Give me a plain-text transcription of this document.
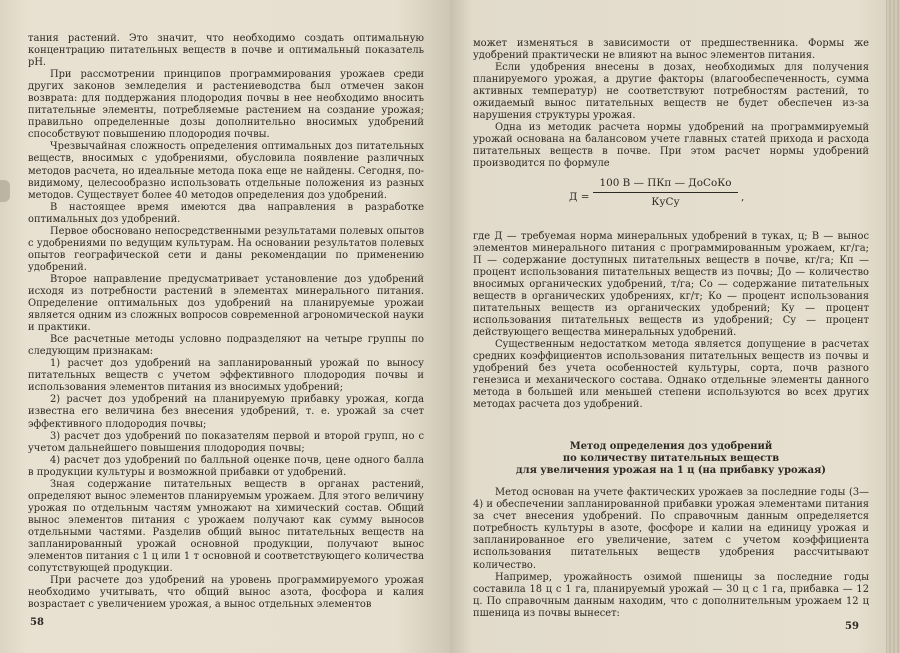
тания растений. Это значит, что необходимо создать оптимальную концентрацию питательных веществ в почве и оптимальный показатель pH.

При рассмотрении принципов программирования урожаев среди других законов земледелия и растениеводства был отмечен закон возврата: для поддержания плодородия почвы в нее необходимо вносить питательные элементы, потребляемые растением на создание урожая; правильно определенные дозы дополнительно вносимых удобрений способствуют повышению плодородия почвы.

Чрезвычайная сложность определения оптимальных доз питательных веществ, вносимых с удобрениями, обусловила появление различных методов расчета, но идеальные метода пока еще не найдены. Сегодня, по-видимому, целесообразно использовать отдельные положения из разных методов. Существует более 40 методов определения доз удобрений.

В настоящее время имеются два направления в разработке оптимальных доз удобрений.

Первое обосновано непосредственными результатами полевых опытов с удобрениями по ведущим культурам. На основании результатов полевых опытов географической сети и даны рекомендации по применению удобрений.

Второе направление предусматривает установление доз удобрений исходя из потребности растений в элементах минерального питания. Определение оптимальных доз удобрений на планируемые урожаи является одним из сложных вопросов современной агрономической науки и практики.

Все расчетные методы условно подразделяют на четыре группы по следующим признакам:

1) расчет доз удобрений на запланированный урожай по выносу питательных веществ с учетом эффективного плодородия почвы и использования элементов питания из вносимых удобрений;

2) расчет доз удобрений на планируемую прибавку урожая, когда известна его величина без внесения удобрений, т. е. урожай за счет эффективного плодородия почвы;

3) расчет доз удобрений по показателям первой и второй групп, но с учетом дальнейшего повышения плодородия почвы;

4) расчет доз удобрений по балльной оценке почв, цене одного балла в продукции культуры и возможной прибавки от удобрений.

Зная содержание питательных веществ в органах растений, определяют вынос элементов планируемым урожаем. Для этого величину урожая по отдельным частям умножают на химический состав. Общий вынос элементов питания с урожаем получают как сумму выносов отдельными частями. Разделив общий вынос питательных веществ на запланированный урожай основной продукции, получают вынос элементов питания с 1 ц или 1 т основной и соответствующего количества сопутствующей продукции.

При расчете доз удобрений на уровень программируемого урожая необходимо учитывать, что общий вынос азота, фосфора и калия возрастает с увеличением урожая, а вынос отдельных элементов

58

может изменяться в зависимости от предшественника. Формы же удобрений практически не влияют на вынос элементов питания.

Если удобрения внесены в дозах, необходимых для получения планируемого урожая, а другие факторы (влагообеспеченность, сумма активных температур) не соответствуют потребностям растений, то ожидаемый вынос питательных веществ не будет обеспечен из-за нарушения структуры урожая.

Одна из методик расчета нормы удобрений на программируемый урожай основана на балансовом учете главных статей прихода и расхода питательных веществ в почве. При этом расчет нормы удобрений производится по формуле

Д =
100 В — ПКп — ДоСоКо
КуСу	,

где Д — требуемая норма минеральных удобрений в туках, ц; В — вынос элементов минерального питания с программированным урожаем, кг/га; П — содержание доступных питательных веществ в почве, кг/га; Кп — процент использования питательных веществ из почвы; До — количество вносимых органических удобрений, т/га; Со — содержание питательных веществ в органических удобрениях, кг/т; Ко — процент использования питательных веществ из органических удобрений; Ку — процент использования питательных веществ из удобрений; Су — процент действующего вещества минеральных удобрений.

Существенным недостатком метода является допущение в расчетах средних коэффициентов использования питательных веществ из почвы и удобрений без учета особенностей культуры, сорта, почв разного генезиса и механического состава. Однако отдельные элементы данного метода в большей или меньшей степени используются во всех других методах расчета доз удобрений.

Метод определения доз удобрений
по количеству питательных веществ
для увеличения урожая на 1 ц (на прибавку урожая)

Метод основан на учете фактических урожаев за последние годы (3—4) и обеспечении запланированной прибавки урожая элементами питания за счет внесения удобрений. По справочным данным определяется потребность культуры в азоте, фосфоре и калии на единицу урожая и запланированное его увеличение, затем с учетом коэффициента использования питательных веществ удобрения рассчитывают количество.

Например, урожайность озимой пшеницы за последние годы составила 18 ц с 1 га, планируемый урожай — 30 ц с 1 га, прибавка — 12 ц. По справочным данным находим, что с дополнительным урожаем 12 ц пшеница из почвы вынесет:

59
